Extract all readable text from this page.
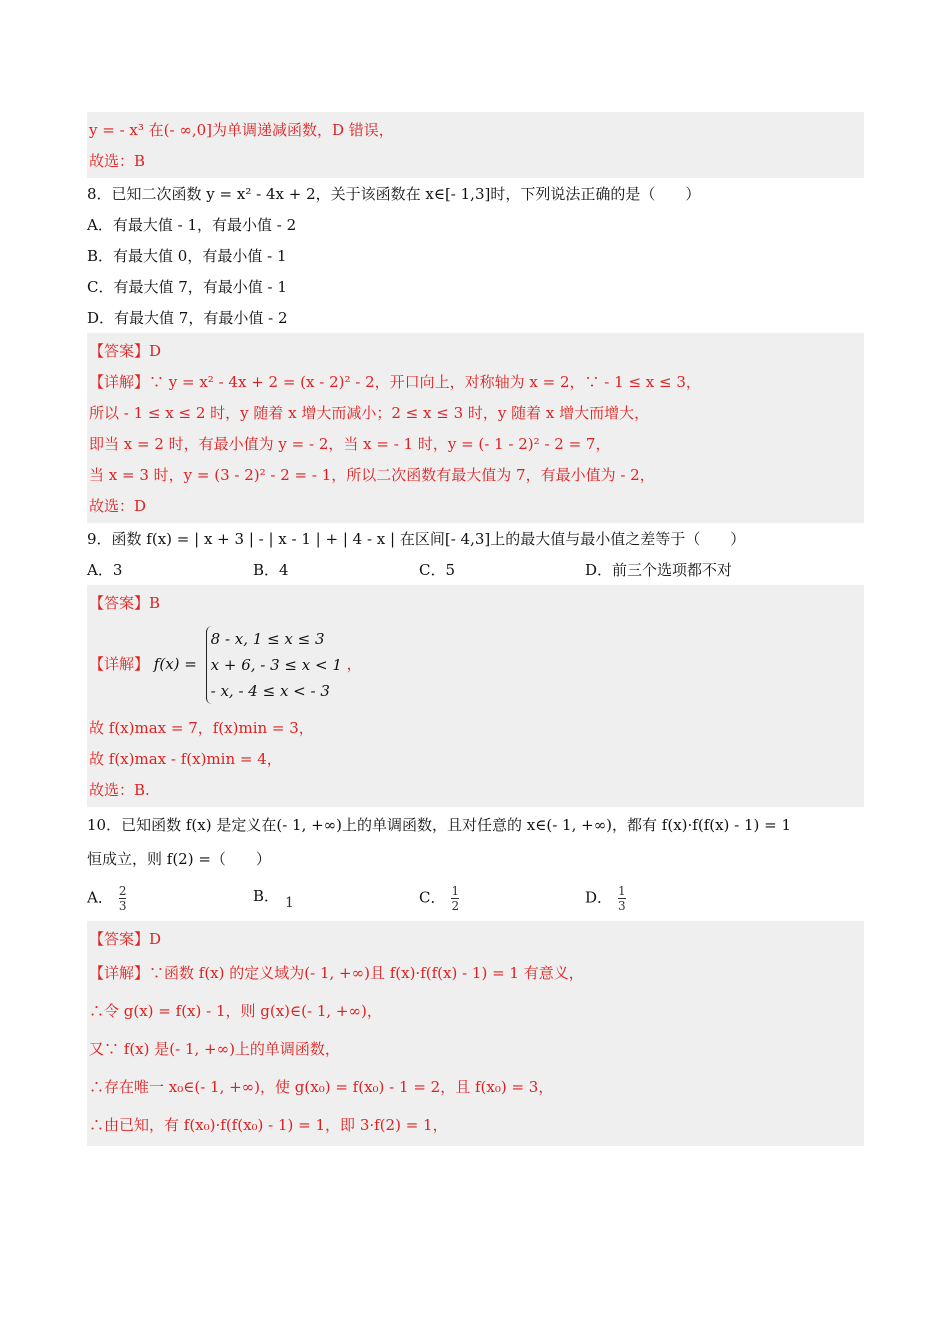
y = - x³ 在(- ∞,0]为单调递减函数，D 错误，
故选：B
8．已知二次函数 y = x² - 4x + 2，关于该函数在 x∈[- 1,3]时，下列说法正确的是（　　）
A．有最大值 - 1，有最小值 - 2
B．有最大值 0，有最小值 - 1
C．有最大值 7，有最小值 - 1
D．有最大值 7，有最小值 - 2
【答案】D
【详解】∵ y = x² - 4x + 2 = (x - 2)² - 2，开口向上，对称轴为 x = 2，∵ - 1 ≤ x ≤ 3，
所以 - 1 ≤ x ≤ 2 时，y 随着 x 增大而减小；2 ≤ x ≤ 3 时，y 随着 x 增大而增大，
即当 x = 2 时，有最小值为 y = - 2，当 x = - 1 时，y = (- 1 - 2)² - 2 = 7，
当 x = 3 时，y = (3 - 2)² - 2 = - 1，所以二次函数有最大值为 7，有最小值为 - 2，
故选：D
9．函数 f(x) = | x + 3 | - | x - 1 | + | 4 - x | 在区间[- 4,3]上的最大值与最小值之差等于（　　）
A．3	B．4	C．5	D．前三个选项都不对
【答案】B
【详解】 f(x) =
8 - x, 1 ≤ x ≤ 3
x + 6, - 3 ≤ x < 1
- x, - 4 ≤ x < - 3
，
故 f(x)max = 7，f(x)min = 3，
故 f(x)max - f(x)min = 4，
故选：B.
10．已知函数 f(x) 是定义在(- 1, +∞)上的单调函数，且对任意的 x∈(- 1, +∞)，都有 f(x)·f(f(x) - 1) = 1
恒成立，则 f(2) =（　　）
A． $\frac{2}{3}$	B． 1	C． $\frac{1}{2}$	D． $\frac{1}{3}$
【答案】D
【详解】∵函数 f(x) 的定义域为(- 1, +∞)且 f(x)·f(f(x) - 1) = 1 有意义，
∴令 g(x) = f(x) - 1，则 g(x)∈(- 1, +∞)，
又∵ f(x) 是(- 1, +∞)上的单调函数，
∴存在唯一 x₀∈(- 1, +∞)，使 g(x₀) = f(x₀) - 1 = 2，且 f(x₀) = 3，
∴由已知，有 f(x₀)·f(f(x₀) - 1) = 1，即 3·f(2) = 1，
